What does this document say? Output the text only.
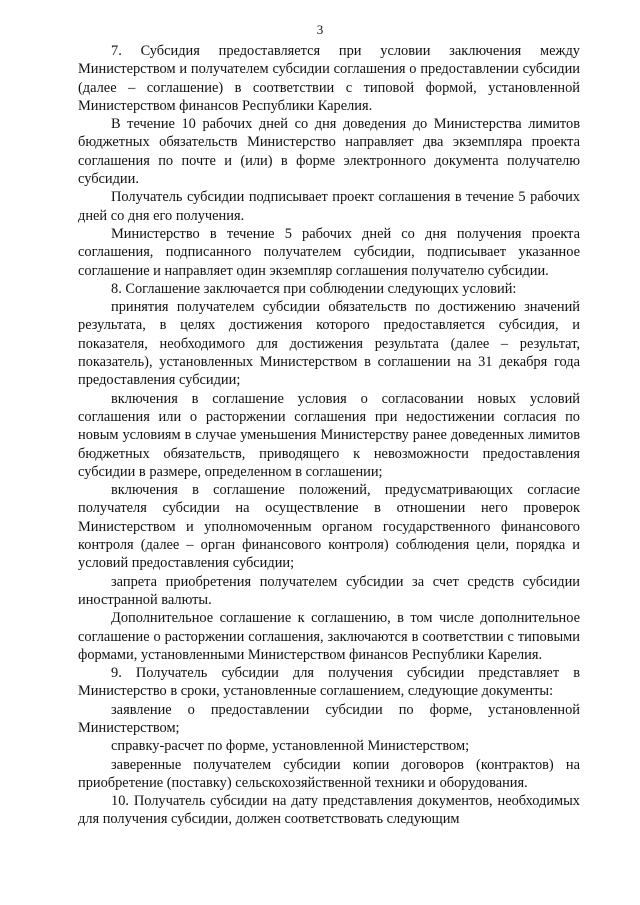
3

7. Субсидия предоставляется при условии заключения между Министерством и получателем субсидии соглашения о предоставлении субсидии (далее – соглашение) в соответствии с типовой формой, установленной Министерством финансов Республики Карелия.

В течение 10 рабочих дней со дня доведения до Министерства лимитов бюджетных обязательств Министерство направляет два экземпляра проекта соглашения по почте и (или) в форме электронного документа получателю субсидии.

Получатель субсидии подписывает проект соглашения в течение 5 рабочих дней со дня его получения.

Министерство в течение 5 рабочих дней со дня получения проекта соглашения, подписанного получателем субсидии, подписывает указанное соглашение и направляет один экземпляр соглашения получателю субсидии.

8. Соглашение заключается при соблюдении следующих условий:

принятия получателем субсидии обязательств по достижению значений результата, в целях достижения которого предоставляется субсидия, и показателя, необходимого для достижения результата (далее – результат, показатель), установленных Министерством в соглашении на 31 декабря года предоставления субсидии;

включения в соглашение условия о согласовании новых условий соглашения или о расторжении соглашения при недостижении согласия по новым условиям в случае уменьшения Министерству ранее доведенных лимитов бюджетных обязательств, приводящего к невозможности предоставления субсидии в размере, определенном в соглашении;

включения в соглашение положений, предусматривающих согласие получателя субсидии на осуществление в отношении него проверок Министерством и уполномоченным органом государственного финансового контроля (далее – орган финансового контроля) соблюдения цели, порядка и условий предоставления субсидии;

запрета приобретения получателем субсидии за счет средств субсидии иностранной валюты.

Дополнительное соглашение к соглашению, в том числе дополнительное соглашение о расторжении соглашения, заключаются в соответствии с типовыми формами, установленными Министерством финансов Республики Карелия.

9. Получатель субсидии для получения субсидии представляет в Министерство в сроки, установленные соглашением, следующие документы:

заявление о предоставлении субсидии по форме, установленной Министерством;

справку-расчет по форме, установленной Министерством;

заверенные получателем субсидии копии договоров (контрактов) на приобретение (поставку) сельскохозяйственной техники и оборудования.

10. Получатель субсидии на дату представления документов, необходимых для получения субсидии, должен соответствовать следующим
